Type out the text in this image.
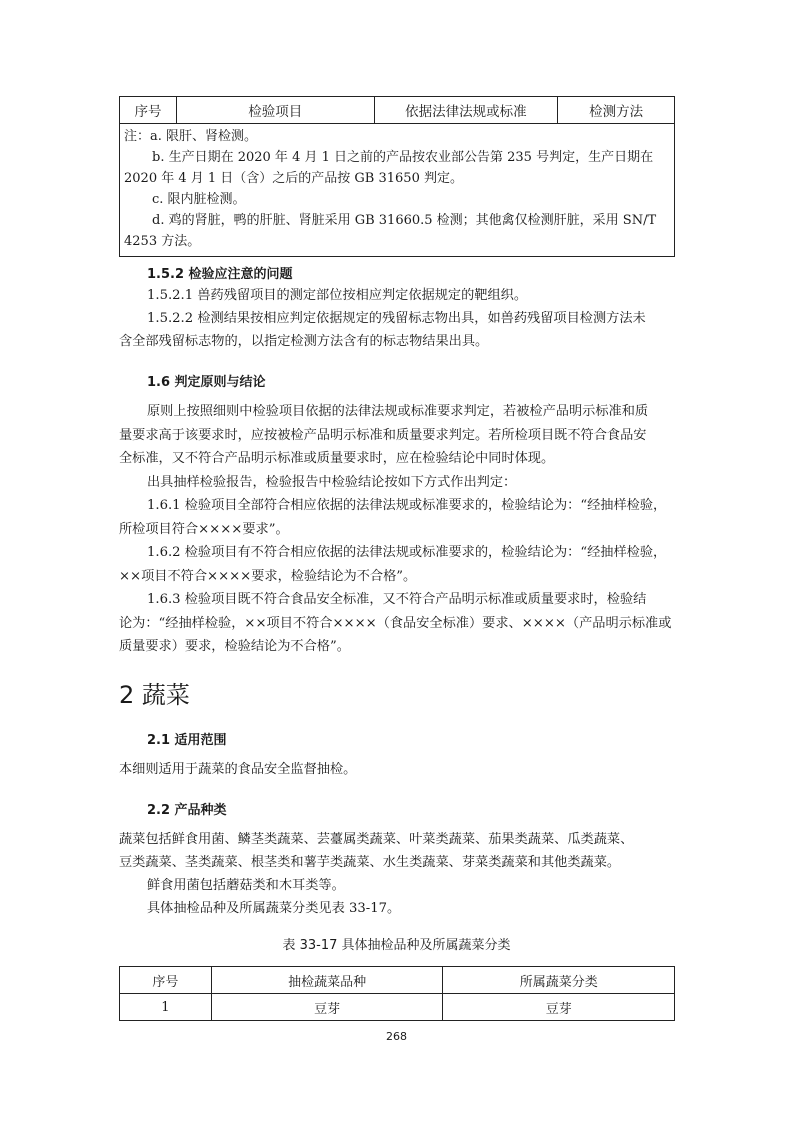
序号	检验项目	依据法律法规或标准	检测方法

注：a. 限肝、肾检测。
b. 生产日期在 2020 年 4 月 1 日之前的产品按农业部公告第 235 号判定，生产日期在
2020 年 4 月 1 日（含）之后的产品按 GB 31650 判定。
c. 限内脏检测。
d. 鸡的肾脏，鸭的肝脏、肾脏采用 GB 31660.5 检测；其他禽仅检测肝脏，采用 SN/T
4253 方法。
1.5.2 检验应注意的问题
1.5.2.1 兽药残留项目的测定部位按相应判定依据规定的靶组织。
1.5.2.2 检测结果按相应判定依据规定的残留标志物出具，如兽药残留项目检测方法未
含全部残留标志物的，以指定检测方法含有的标志物结果出具。
1.6 判定原则与结论
原则上按照细则中检验项目依据的法律法规或标准要求判定，若被检产品明示标准和质
量要求高于该要求时，应按被检产品明示标准和质量要求判定。若所检项目既不符合食品安
全标准，又不符合产品明示标准或质量要求时，应在检验结论中同时体现。
出具抽样检验报告，检验报告中检验结论按如下方式作出判定：
1.6.1 检验项目全部符合相应依据的法律法规或标准要求的，检验结论为：“经抽样检验，
所检项目符合××××要求”。
1.6.2 检验项目有不符合相应依据的法律法规或标准要求的，检验结论为：“经抽样检验，
××项目不符合××××要求，检验结论为不合格”。
1.6.3 检验项目既不符合食品安全标准，又不符合产品明示标准或质量要求时，检验结
论为：“经抽样检验，××项目不符合××××（食品安全标准）要求、××××（产品明示标准或
质量要求）要求，检验结论为不合格”。
2 蔬菜
2.1 适用范围
本细则适用于蔬菜的食品安全监督抽检。
2.2 产品种类
蔬菜包括鲜食用菌、鳞茎类蔬菜、芸薹属类蔬菜、叶菜类蔬菜、茄果类蔬菜、瓜类蔬菜、
豆类蔬菜、茎类蔬菜、根茎类和薯芋类蔬菜、水生类蔬菜、芽菜类蔬菜和其他类蔬菜。
鲜食用菌包括蘑菇类和木耳类等。
具体抽检品种及所属蔬菜分类见表 33-17。
表 33-17 具体抽检品种及所属蔬菜分类
序号	抽检蔬菜品种	所属蔬菜分类
1	豆芽	豆芽
268
